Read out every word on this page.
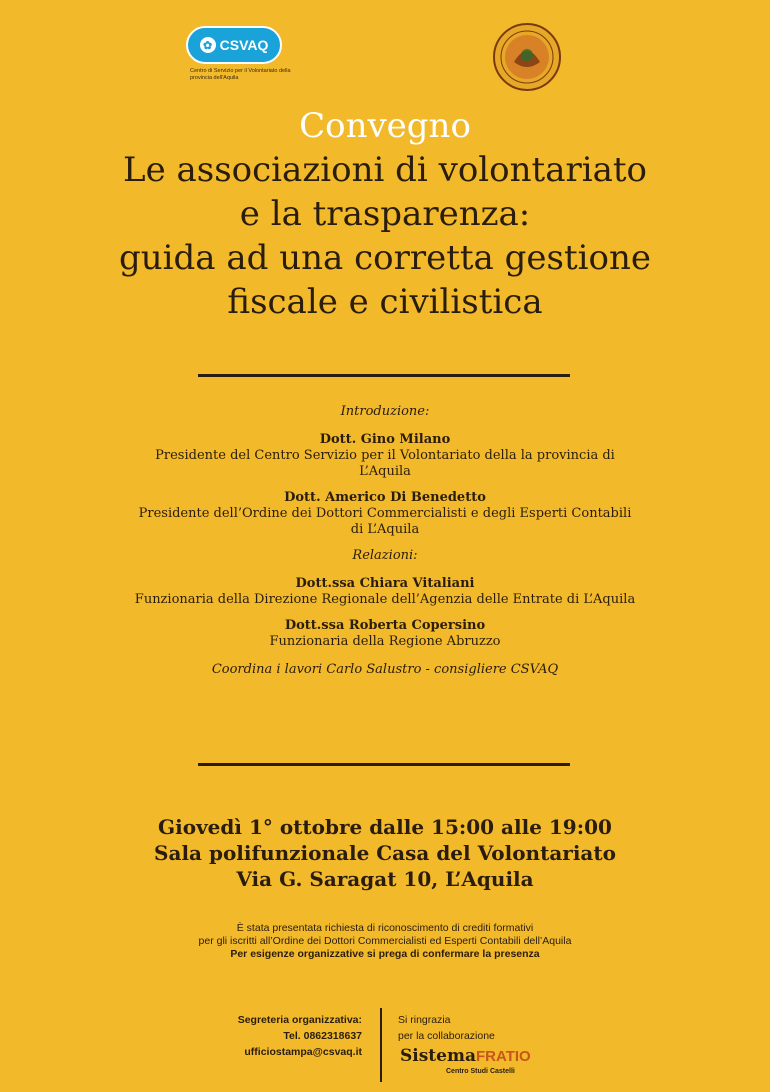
✿ CSVAQ
Centro di Servizio per il Volontariato della provincia dell'Aquila
Convegno
Le associazioni di volontariato
e la trasparenza:
guida ad una corretta gestione
fiscale e civilistica
Introduzione:
Dott. Gino Milano
Presidente del Centro Servizio per il Volontariato della la provincia di
L’Aquila
Dott. Americo Di Benedetto
Presidente dell’Ordine dei Dottori Commercialisti e degli Esperti Contabili
di L’Aquila
Relazioni:
Dott.ssa Chiara Vitaliani
Funzionaria della Direzione Regionale dell’Agenzia delle Entrate di L’Aquila
Dott.ssa Roberta Copersino
Funzionaria della Regione Abruzzo
Coordina i lavori Carlo Salustro - consigliere CSVAQ
Giovedì 1° ottobre dalle 15:00 alle 19:00
Sala polifunzionale Casa del Volontariato
Via G. Saragat 10, L’Aquila
È stata presentata richiesta di riconoscimento di crediti formativi
per gli iscritti all’Ordine dei Dottori Commercialisti ed Esperti Contabili dell’Aquila
Per esigenze organizzative si prega di confermare la presenza
Segreteria organizzativa:
Tel. 0862318637
ufficiostampa@csvaq.it
Si ringrazia
per la collaborazione
SistemaFRATIO
Centro Studi Castelli
